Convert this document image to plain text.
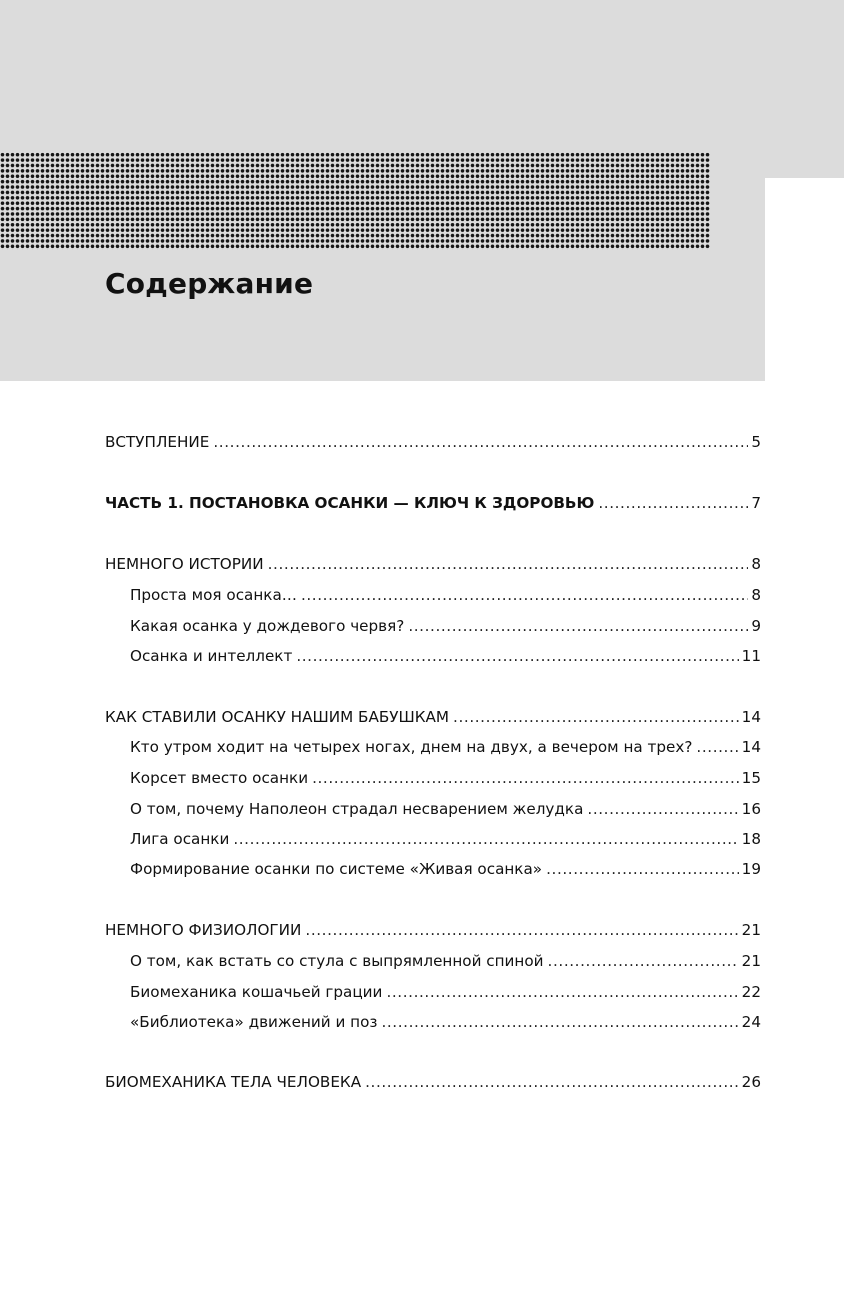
Содержание
ВСТУПЛЕНИЕ .....	5
ЧАСТЬ 1. ПОСТАНОВКА ОСАНКИ — КЛЮЧ К ЗДОРОВЬЮ .....	7
НЕМНОГО ИСТОРИИ .....	8
Проста моя осанка… .....	8
Какая осанка у дождевого червя? .....	9
Осанка и интеллект .....	11
КАК СТАВИЛИ ОСАНКУ НАШИМ БАБУШКАМ .....	14
Кто утром ходит на четырех ногах, днем на двух, а вечером на трех? .....	14
Корсет вместо осанки .....	15
О том, почему Наполеон страдал несварением желудка .....	16
Лига осанки .....	18
Формирование осанки по системе «Живая осанка» .....	19
НЕМНОГО ФИЗИОЛОГИИ .....	21
О том, как встать со стула с выпрямленной спиной .....	21
Биомеханика кошачьей грации .....	22
«Библиотека» движений и поз .....	24
БИОМЕХАНИКА ТЕЛА ЧЕЛОВЕКА .....	26
